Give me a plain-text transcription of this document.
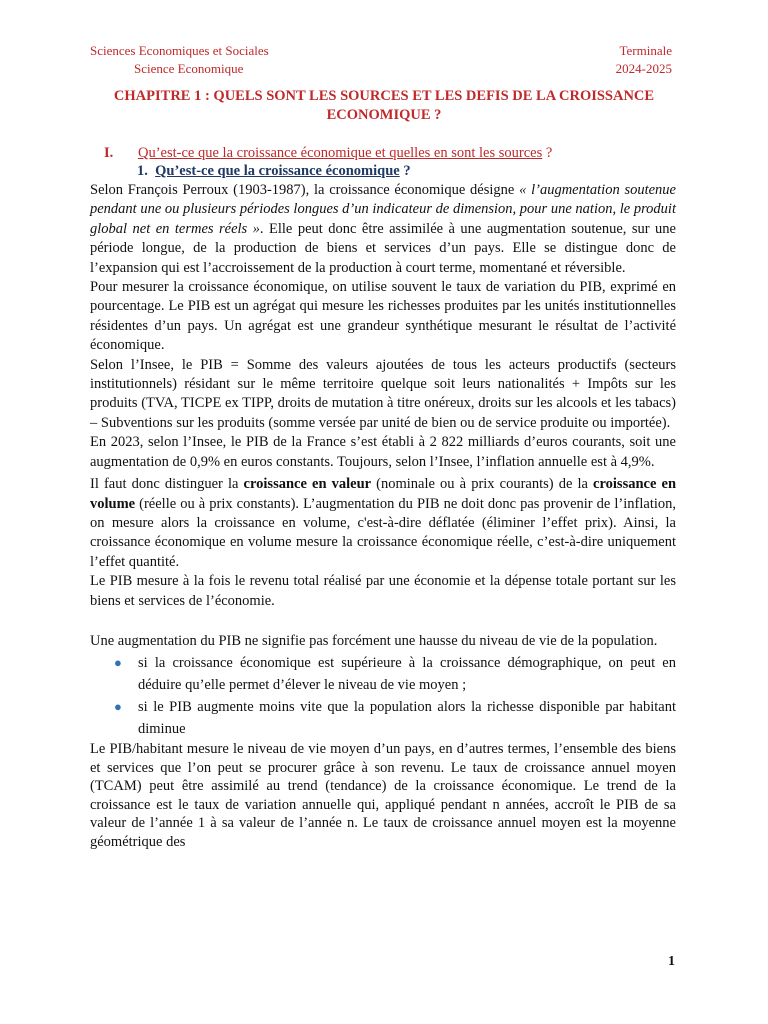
Sciences Economiques et Sociales
Science Economique
Terminale
2024-2025
CHAPITRE 1 : QUELS SONT LES SOURCES ET LES DEFIS DE LA CROISSANCE ECONOMIQUE ?
I. Qu’est-ce que la croissance économique et quelles en sont les sources ?
1. Qu’est-ce que la croissance économique ?

Selon François Perroux (1903-1987), la croissance économique désigne « l’augmentation soutenue pendant une ou plusieurs périodes longues d’un indicateur de dimension, pour une nation, le produit global net en termes réels ». Elle peut donc être assimilée à une augmentation soutenue, sur une période longue, de la production de biens et services d’un pays. Elle se distingue donc de l’expansion qui est l’accroissement de la production à court terme, momentané et réversible.

Pour mesurer la croissance économique, on utilise souvent le taux de variation du PIB, exprimé en pourcentage. Le PIB est un agrégat qui mesure les richesses produites par les unités institutionnelles résidentes d’un pays. Un agrégat est une grandeur synthétique mesurant le résultat de l’activité économique.

Selon l’Insee, le PIB = Somme des valeurs ajoutées de tous les acteurs productifs (secteurs institutionnels) résidant sur le même territoire quelque soit leurs nationalités + Impôts sur les produits (TVA, TICPE ex TIPP, droits de mutation à titre onéreux, droits sur les alcools et les tabacs) – Subventions sur les produits (somme versée par unité de bien ou de service produite ou importée).

En 2023, selon l’Insee, le PIB de la France s’est établi à 2 822 milliards d’euros courants, soit une augmentation de 0,9% en euros constants. Toujours, selon l’Insee, l’inflation annuelle est à 4,9%.

Il faut donc distinguer la croissance en valeur (nominale ou à prix courants) de la croissance en volume (réelle ou à prix constants). L’augmentation du PIB ne doit donc pas provenir de l’inflation, on mesure alors la croissance en volume, c'est-à-dire déflatée (éliminer l’effet prix). Ainsi, la croissance économique en volume mesure la croissance économique réelle, c’est-à-dire uniquement l’effet quantité.

Le PIB mesure à la fois le revenu total réalisé par une économie et la dépense totale portant sur les biens et services de l’économie.

Une augmentation du PIB ne signifie pas forcément une hausse du niveau de vie de la population.

● si la croissance économique est supérieure à la croissance démographique, on peut en déduire qu’elle permet d’élever le niveau de vie moyen ;
● si le PIB augmente moins vite que la population alors la richesse disponible par habitant diminue

Le PIB/habitant mesure le niveau de vie moyen d’un pays, en d’autres termes, l’ensemble des biens et services que l’on peut se procurer grâce à son revenu. Le taux de croissance annuel moyen (TCAM) peut être assimilé au trend (tendance) de la croissance économique. Le trend de la croissance est le taux de variation annuelle qui, appliqué pendant n années, accroît le PIB de sa valeur de l’année 1 à sa valeur de l’année n. Le taux de croissance annuel moyen est la moyenne géométrique des

1
